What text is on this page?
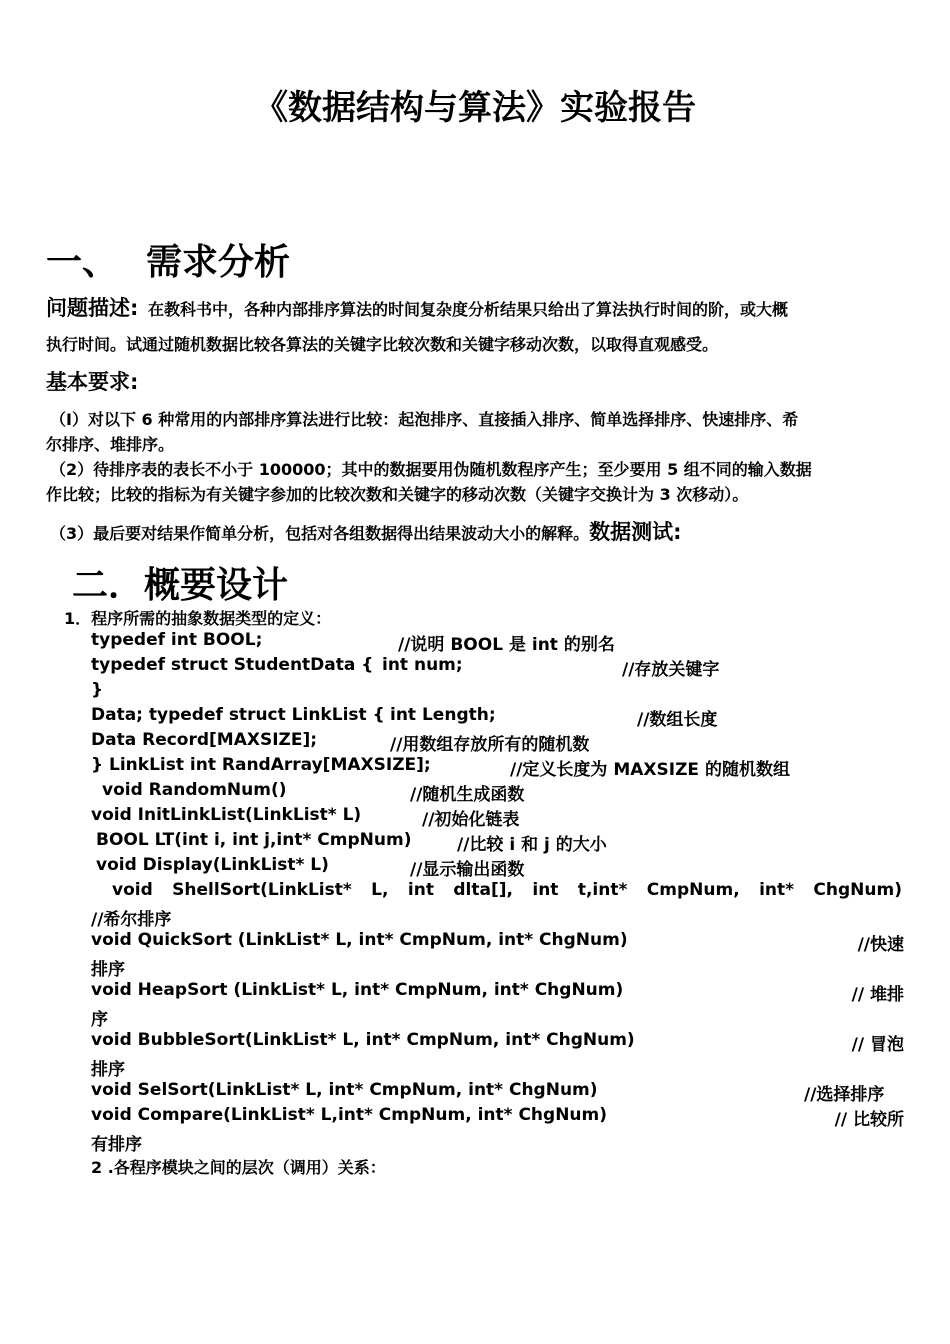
《数据结构与算法》实验报告
一、 需求分析
问题描述: 在教科书中，各种内部排序算法的时间复杂度分析结果只给出了算法执行时间的阶，或大概
执行时间。试通过随机数据比较各算法的关键字比较次数和关键字移动次数，以取得直观感受。
基本要求:
（I）对以下 6 种常用的内部排序算法进行比较：起泡排序、直接插入排序、简单选择排序、快速排序、希
尔排序、堆排序。
（2）待排序表的表长不小于 100000；其中的数据要用伪随机数程序产生；至少要用 5 组不同的输入数据
作比较；比较的指标为有关键字参加的比较次数和关键字的移动次数（关键字交换计为 3 次移动）。
（3）最后要对结果作简单分析，包括对各组数据得出结果波动大小的解释。数据测试:
二．概要设计
1．程序所需的抽象数据类型的定义：
typedef int BOOL;	//说明 BOOL 是 int 的别名
typedef struct StudentData { int num;	//存放关键字
}
Data; typedef struct LinkList { int Length;	//数组长度
Data Record[MAXSIZE];	//用数组存放所有的随机数
} LinkList int RandArray[MAXSIZE];	//定义长度为 MAXSIZE 的随机数组
void RandomNum()	//随机生成函数
void InitLinkList(LinkList* L)	//初始化链表
BOOL LT(int i, int j,int* CmpNum)	//比较 i 和 j 的大小
void Display(LinkList* L)	//显示输出函数
void ShellSort(LinkList* L, int dlta[], int t,int* CmpNum, int* ChgNum)
//希尔排序
void QuickSort (LinkList* L, int* CmpNum, int* ChgNum)	//快速
排序
void HeapSort (LinkList* L, int* CmpNum, int* ChgNum)	// 堆排
序
void BubbleSort(LinkList* L, int* CmpNum, int* ChgNum)	// 冒泡
排序
void SelSort(LinkList* L, int* CmpNum, int* ChgNum)	//选择排序
void Compare(LinkList* L,int* CmpNum, int* ChgNum)	// 比较所
有排序
2 .各程序模块之间的层次（调用）关系：
